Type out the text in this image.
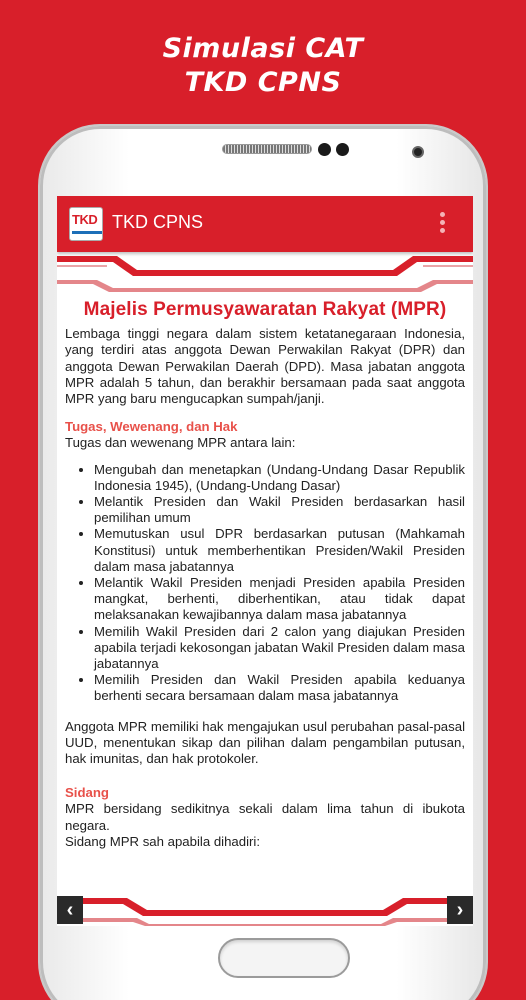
Simulasi CAT
TKD CPNS
TKD TKD CPNS
Majelis Permusyawaratan Rakyat (MPR)

Lembaga tinggi negara dalam sistem ketatanegaraan Indonesia, yang terdiri atas anggota Dewan Perwakilan Rakyat (DPR) dan anggota Dewan Perwakilan Daerah (DPD). Masa jabatan anggota MPR adalah 5 tahun, dan berakhir bersamaan pada saat anggota MPR yang baru mengucapkan sumpah/janji.

Tugas, Wewenang, dan Hak

Tugas dan wewenang MPR antara lain:

• Mengubah dan menetapkan (Undang-Undang Dasar Republik Indonesia 1945), (Undang-Undang Dasar)
• Melantik Presiden dan Wakil Presiden berdasarkan hasil pemilihan umum
• Memutuskan usul DPR berdasarkan putusan (Mahkamah Konstitusi) untuk memberhentikan Presiden/Wakil Presiden dalam masa jabatannya
• Melantik Wakil Presiden menjadi Presiden apabila Presiden mangkat, berhenti, diberhentikan, atau tidak dapat melaksanakan kewajibannya dalam masa jabatannya
• Memilih Wakil Presiden dari 2 calon yang diajukan Presiden apabila terjadi kekosongan jabatan Wakil Presiden dalam masa jabatannya
• Memilih Presiden dan Wakil Presiden apabila keduanya berhenti secara bersamaan dalam masa jabatannya

Anggota MPR memiliki hak mengajukan usul perubahan pasal-pasal UUD, menentukan sikap dan pilihan dalam pengambilan putusan, hak imunitas, dan hak protokoler.

Sidang

MPR bersidang sedikitnya sekali dalam lima tahun di ibukota negara.

Sidang MPR sah apabila dihadiri:

‹	›
